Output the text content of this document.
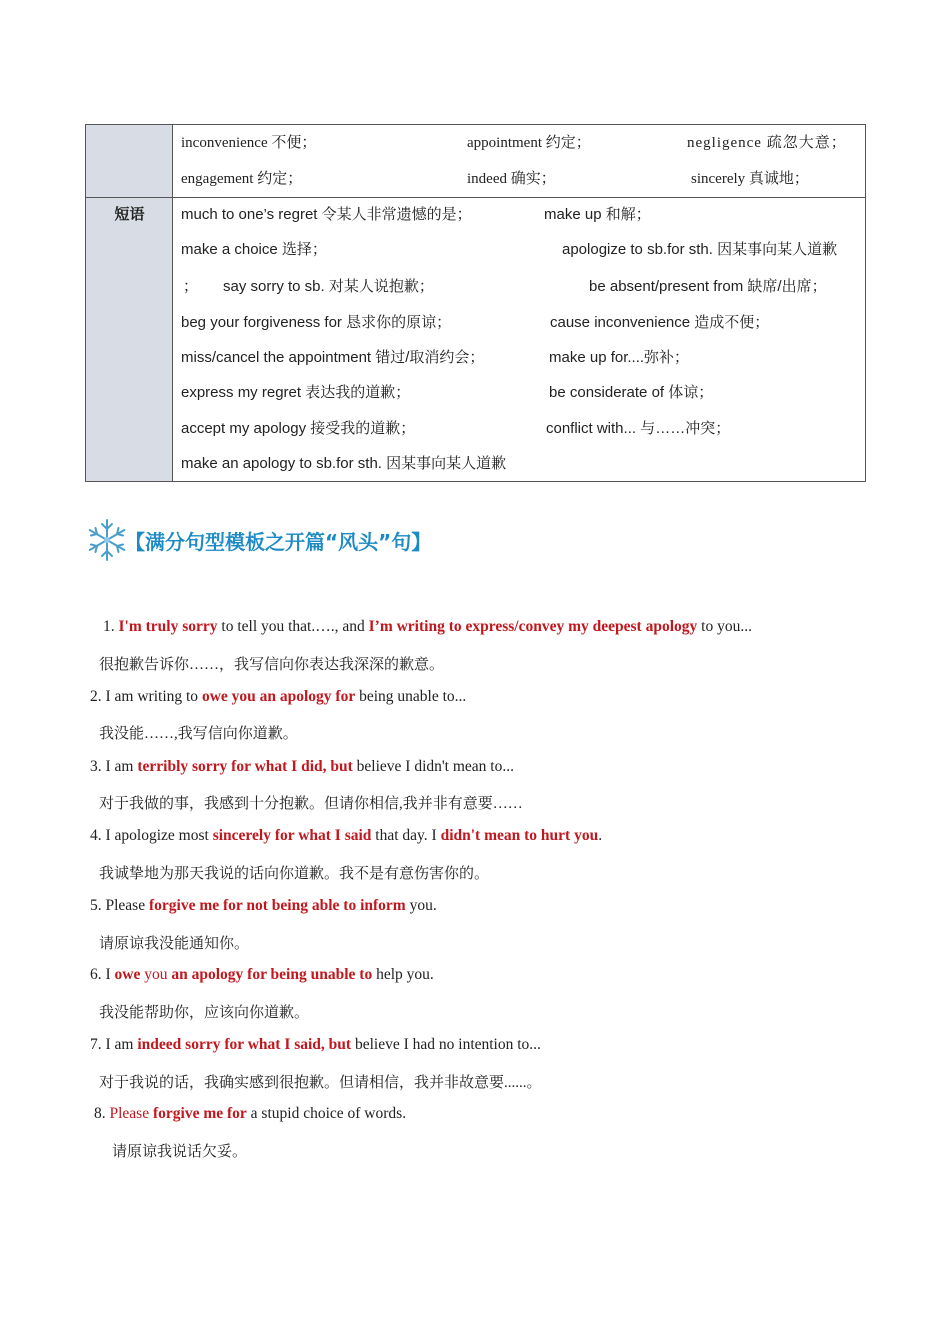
短语
inconvenience 不便；	appointment 约定；	negligence 疏忽大意；
engagement 约定；	indeed 确实；	sincerely 真诚地；
much to one’s regret 令某人非常遗憾的是；	make up 和解；
make a choice 选择；	apologize to sb.for sth. 因某事向某人道歉
； say sorry to sb. 对某人说抱歉；	be absent/present from 缺席/出席；
beg your forgiveness for 恳求你的原谅；	cause inconvenience 造成不便；
miss/cancel the appointment 错过/取消约会；	make up for....弥补；
express my regret 表达我的道歉；	be considerate of 体谅；
accept my apology 接受我的道歉；	conflict with... 与……冲突；
make an apology to sb.for sth. 因某事向某人道歉
【满分句型模板之开篇“风头”句】
1. I'm truly sorry to tell you that.…., and I’m writing to express/convey my deepest apology to you...
很抱歉告诉你……，我写信向你表达我深深的歉意。
2. I am writing to owe you an apology for being unable to...
我没能……,我写信向你道歉。
3. I am terribly sorry for what I did, but believe I didn't mean to...
对于我做的事，我感到十分抱歉。但请你相信,我并非有意要……
4. I apologize most sincerely for what I said that day. I didn't mean to hurt you.
我诚挚地为那天我说的话向你道歉。我不是有意伤害你的。
5. Please forgive me for not being able to inform you.
请原谅我没能通知你。
6. I owe you an apology for being unable to help you.
我没能帮助你，应该向你道歉。
7. I am indeed sorry for what I said, but believe I had no intention to...
对于我说的话，我确实感到很抱歉。但请相信，我并非故意要......。
8. Please forgive me for a stupid choice of words.
请原谅我说话欠妥。
